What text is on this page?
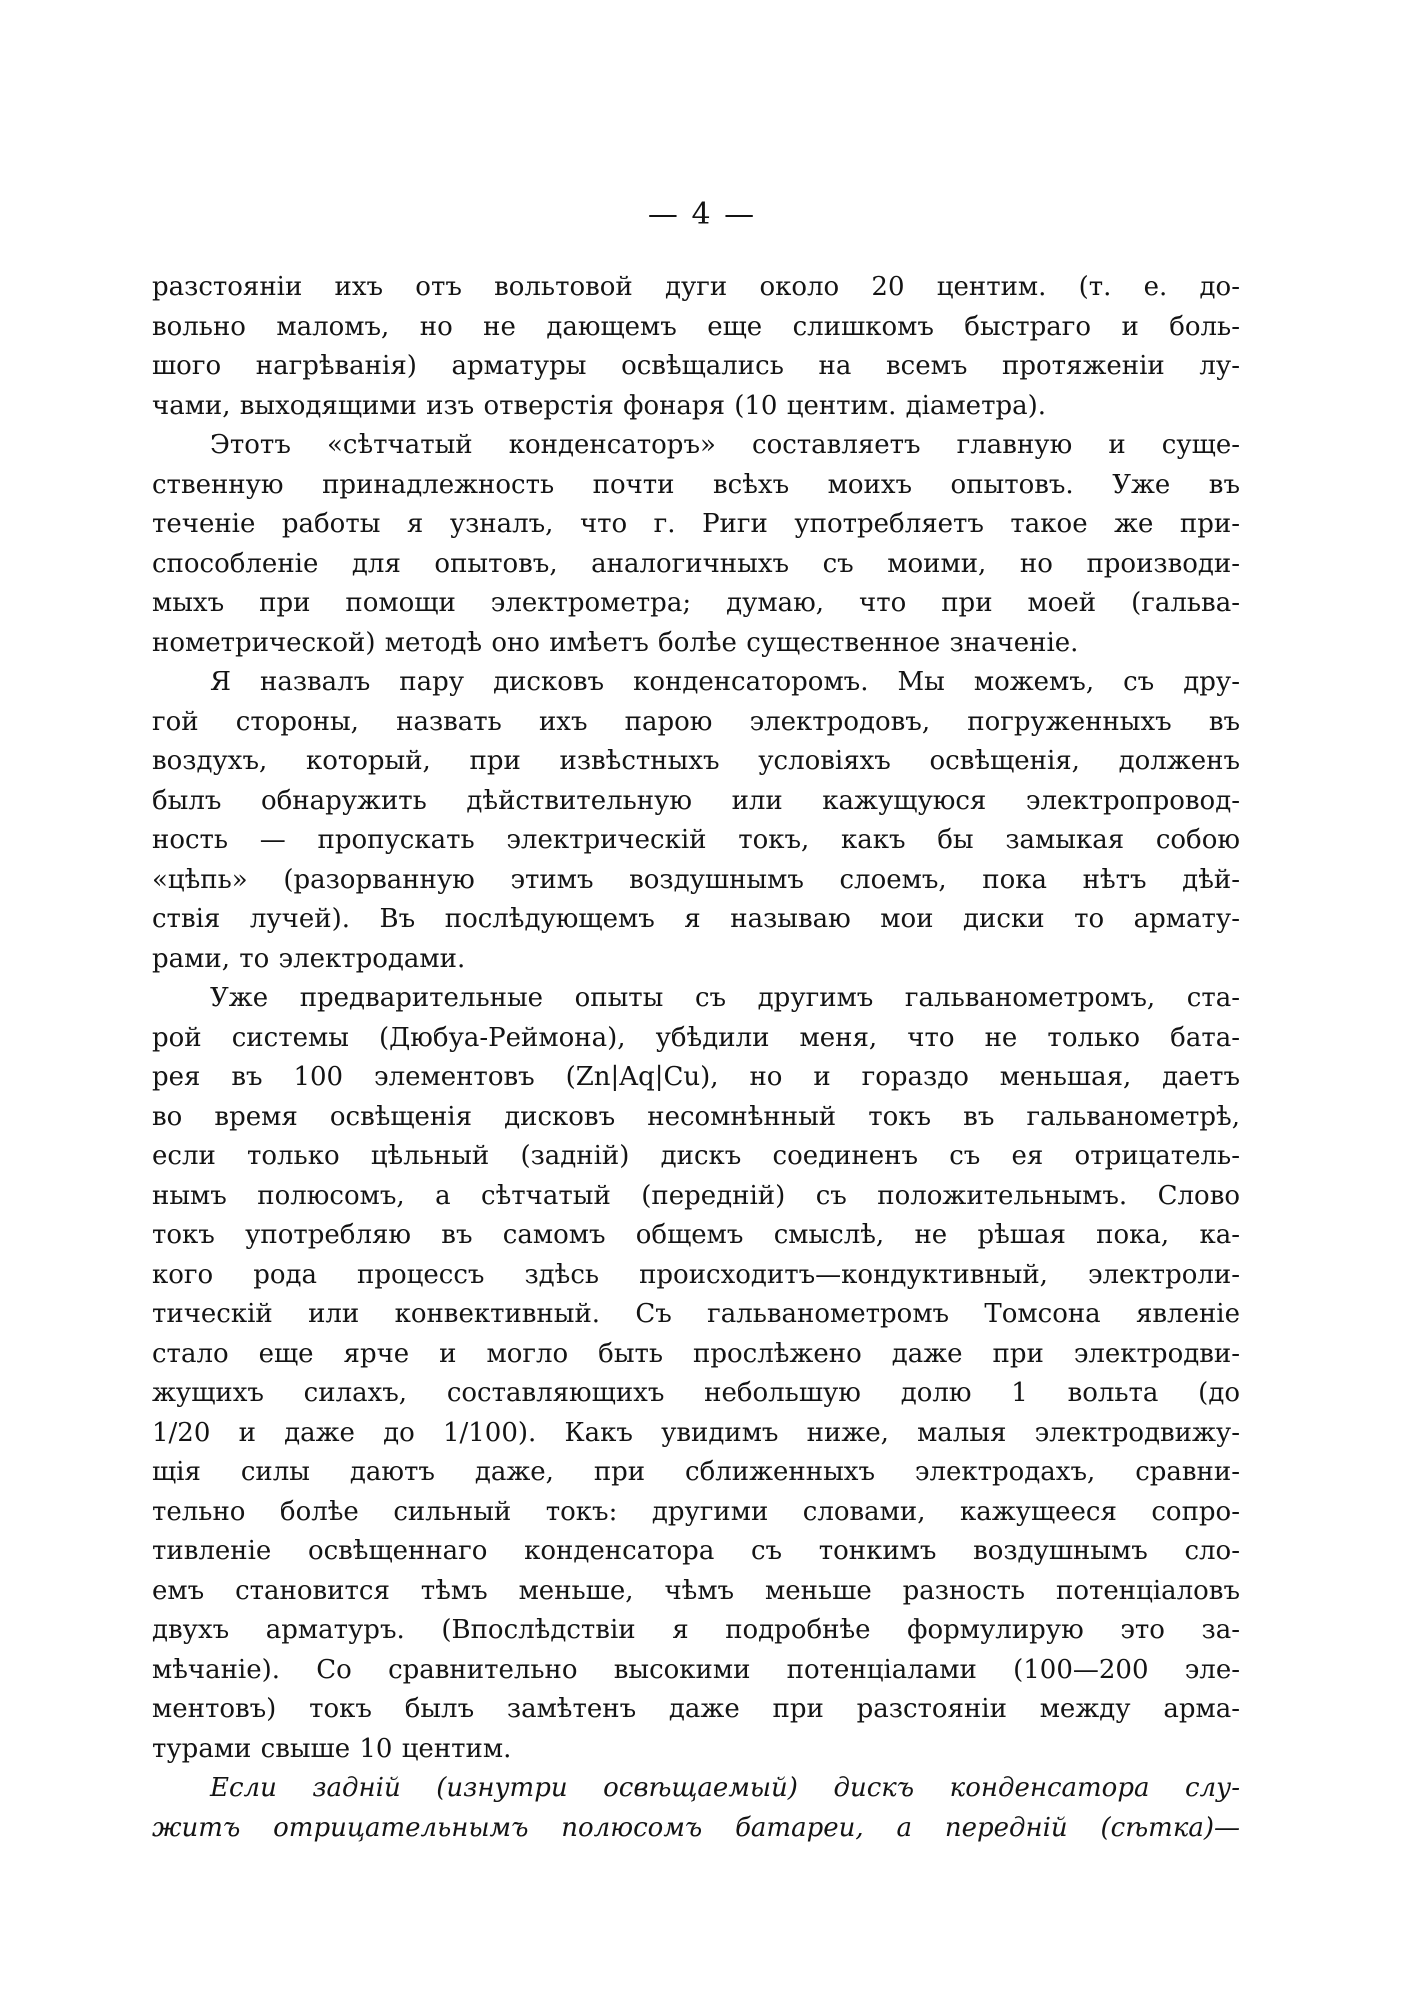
— 4 —
разстоянiи ихъ отъ вольтовой дуги около 20 центим. (т. е. до-
вольно маломъ, но не дающемъ еще слишкомъ быстраго и боль-
шого нагрѣванiя) арматуры освѣщались на всемъ протяженiи лу-
чами, выходящими изъ отверстiя фонаря (10 центим. дiаметра).
Этотъ «сѣтчатый конденсаторъ» составляетъ главную и суще-
ственную принадлежность почти всѣхъ моихъ опытовъ. Уже въ
теченiе работы я узналъ, что г. Риги употребляетъ такое же при-
способленiе для опытовъ, аналогичныхъ съ моими, но производи-
мыхъ при помощи электрометра; думаю, что при моей (гальва-
нометрической) методѣ оно имѣетъ болѣе существенное значенiе.
Я назвалъ пару дисковъ конденсаторомъ. Мы можемъ, съ дру-
гой стороны, назвать ихъ парою электродовъ, погруженныхъ въ
воздухъ, который, при извѣстныхъ условiяхъ освѣщенiя, долженъ
былъ обнаружить дѣйствительную или кажущуюся электропровод-
ность — пропускать электрическiй токъ, какъ бы замыкая собою
«цѣпь» (разорванную этимъ воздушнымъ слоемъ, пока нѣтъ дѣй-
ствiя лучей). Въ послѣдующемъ я называю мои диски то армату-
рами, то электродами.
Уже предварительные опыты съ другимъ гальванометромъ, ста-
рой системы (Дюбуа-Реймона), убѣдили меня, что не только бата-
рея въ 100 элементовъ (Zn|Aq|Cu), но и гораздо меньшая, даетъ
во время освѣщенiя дисковъ несомнѣнный токъ въ гальванометрѣ,
если только цѣльный (заднiй) дискъ соединенъ съ ея отрицатель-
нымъ полюсомъ, а сѣтчатый (переднiй) съ положительнымъ. Слово
токъ употребляю въ самомъ общемъ смыслѣ, не рѣшая пока, ка-
кого рода процессъ здѣсь происходитъ—кондуктивный, электроли-
тическiй или конвективный. Съ гальванометромъ Томсона явленiе
стало еще ярче и могло быть прослѣжено даже при электродви-
жущихъ силахъ, составляющихъ небольшую долю 1 вольта (до
1/20 и даже до 1/100). Какъ увидимъ ниже, малыя электродвижу-
щiя силы даютъ даже, при сближенныхъ электродахъ, сравни-
тельно болѣе сильный токъ: другими словами, кажущееся сопро-
тивленiе освѣщеннаго конденсатора съ тонкимъ воздушнымъ сло-
емъ становится тѣмъ меньше, чѣмъ меньше разность потенцiаловъ
двухъ арматуръ. (Впослѣдствiи я подробнѣе формулирую это за-
мѣчанiе). Со сравнительно высокими потенцiалами (100—200 эле-
ментовъ) токъ былъ замѣтенъ даже при разстоянiи между арма-
турами свыше 10 центим.
Если заднiй (изнутри освѣщаемый) дискъ конденсатора слу-
житъ отрицательнымъ полюсомъ батареи, а переднiй (сѣтка)—
